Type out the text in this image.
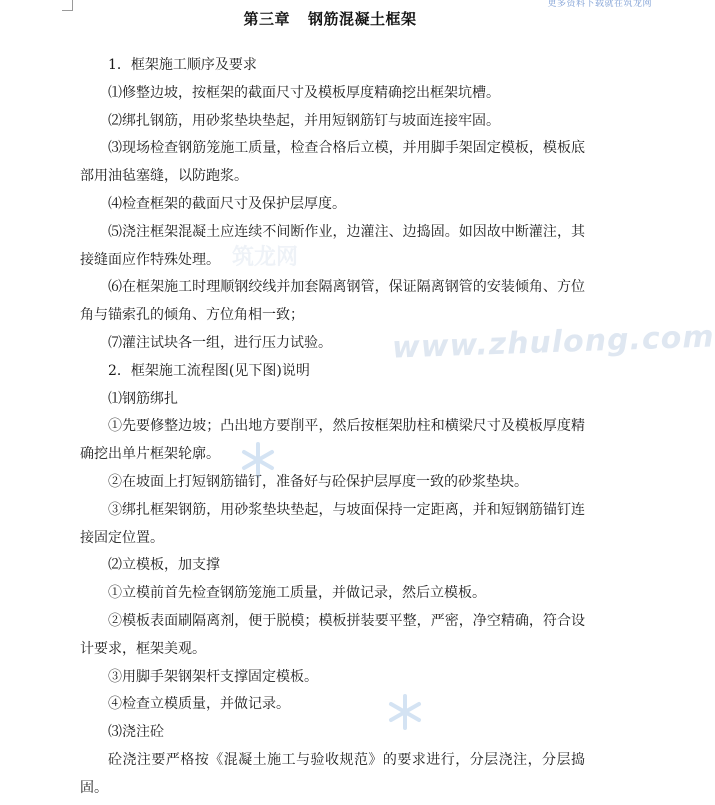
更多资料下载就在筑龙网
筑龙网
www.zhulong.com
第三章 钢筋混凝土框架

1．框架施工顺序及要求

⑴修整边坡，按框架的截面尺寸及模板厚度精确挖出框架坑槽。

⑵绑扎钢筋，用砂浆垫块垫起，并用短钢筋钉与坡面连接牢固。

⑶现场检查钢筋笼施工质量，检查合格后立模，并用脚手架固定模板，模板底部用油毡塞缝，以防跑浆。

⑷检查框架的截面尺寸及保护层厚度。

⑸浇注框架混凝土应连续不间断作业，边灌注、边捣固。如因故中断灌注，其接缝面应作特殊处理。

⑹在框架施工时理顺钢绞线并加套隔离钢管，保证隔离钢管的安装倾角、方位角与锚索孔的倾角、方位角相一致；

⑺灌注试块各一组，进行压力试验。

2．框架施工流程图(见下图)说明

⑴钢筋绑扎

①先要修整边坡；凸出地方要削平，然后按框架肋柱和横梁尺寸及模板厚度精确挖出单片框架轮廓。

②在坡面上打短钢筋锚钉，准备好与砼保护层厚度一致的砂浆垫块。

③绑扎框架钢筋，用砂浆垫块垫起，与坡面保持一定距离，并和短钢筋锚钉连接固定位置。

⑵立模板，加支撑

①立模前首先检查钢筋笼施工质量，并做记录，然后立模板。

②模板表面刷隔离剂，便于脱模；模板拼装要平整，严密，净空精确，符合设计要求，框架美观。

③用脚手架钢架杆支撑固定模板。

④检查立模质量，并做记录。

⑶浇注砼

砼浇注要严格按《混凝土施工与验收规范》的要求进行，分层浇注，分层捣固。
